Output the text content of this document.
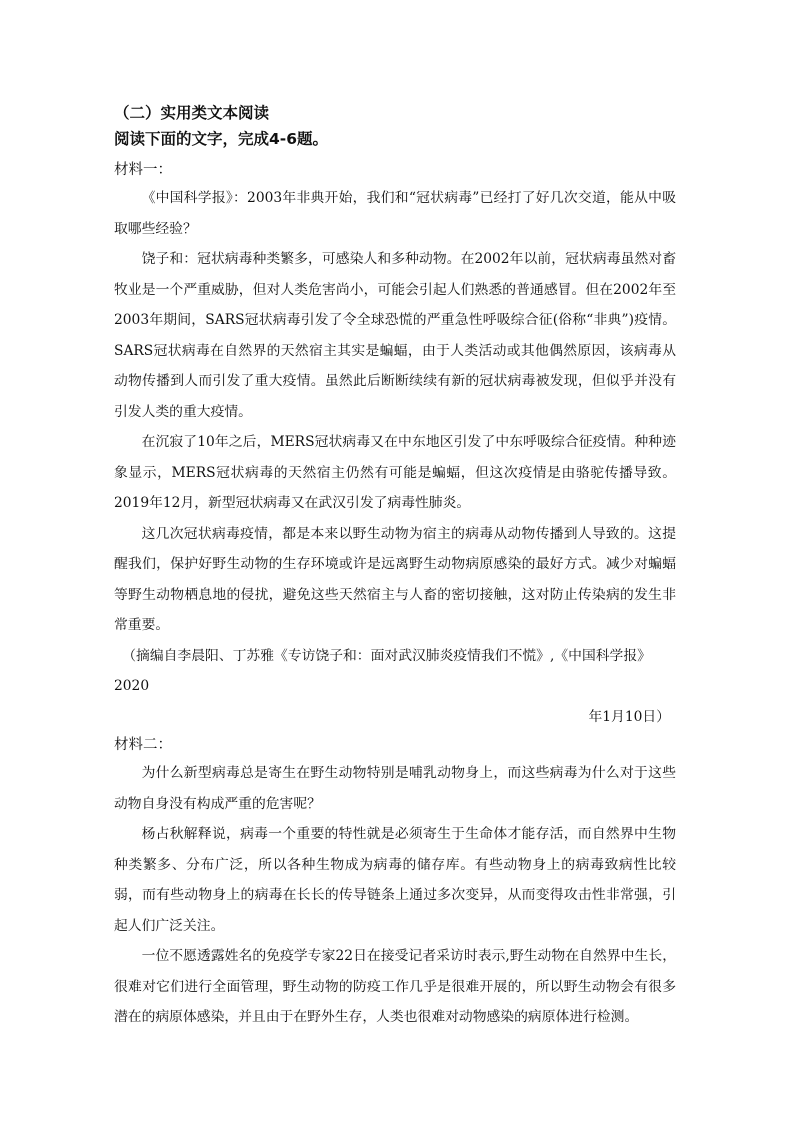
（二）实用类文本阅读
阅读下面的文字，完成4-6题。
材料一：

《中国科学报》：2003年非典开始，我们和“冠状病毒”已经打了好几次交道，能从中吸取哪些经验？

饶子和：冠状病毒种类繁多，可感染人和多种动物。在2002年以前，冠状病毒虽然对畜牧业是一个严重威胁，但对人类危害尚小，可能会引起人们熟悉的普通感冒。但在2002年至2003年期间，SARS冠状病毒引发了令全球恐慌的严重急性呼吸综合征(俗称“非典”)疫情。SARS冠状病毒在自然界的天然宿主其实是蝙蝠，由于人类活动或其他偶然原因，该病毒从动物传播到人而引发了重大疫情。虽然此后断断续续有新的冠状病毒被发现，但似乎并没有引发人类的重大疫情。

在沉寂了10年之后，MERS冠状病毒又在中东地区引发了中东呼吸综合征疫情。种种迹象显示，MERS冠状病毒的天然宿主仍然有可能是蝙蝠，但这次疫情是由骆驼传播导致。2019年12月，新型冠状病毒又在武汉引发了病毒性肺炎。

这几次冠状病毒疫情，都是本来以野生动物为宿主的病毒从动物传播到人导致的。这提醒我们，保护好野生动物的生存环境或许是远离野生动物病原感染的最好方式。减少对蝙蝠等野生动物栖息地的侵扰，避免这些天然宿主与人畜的密切接触，这对防止传染病的发生非常重要。

（摘编自李晨阳、丁苏雅《专访饶子和：面对武汉肺炎疫情我们不慌》,《中国科学报》2020

年1月10日）

材料二：

为什么新型病毒总是寄生在野生动物特别是哺乳动物身上，而这些病毒为什么对于这些动物自身没有构成严重的危害呢？

杨占秋解释说，病毒一个重要的特性就是必须寄生于生命体才能存活，而自然界中生物种类繁多、分布广泛，所以各种生物成为病毒的储存库。有些动物身上的病毒致病性比较弱，而有些动物身上的病毒在长长的传导链条上通过多次变异，从而变得攻击性非常强，引起人们广泛关注。

一位不愿透露姓名的免疫学专家22日在接受记者采访时表示,野生动物在自然界中生长，很难对它们进行全面管理，野生动物的防疫工作几乎是很难开展的，所以野生动物会有很多潜在的病原体感染，并且由于在野外生存，人类也很难对动物感染的病原体进行检测。
